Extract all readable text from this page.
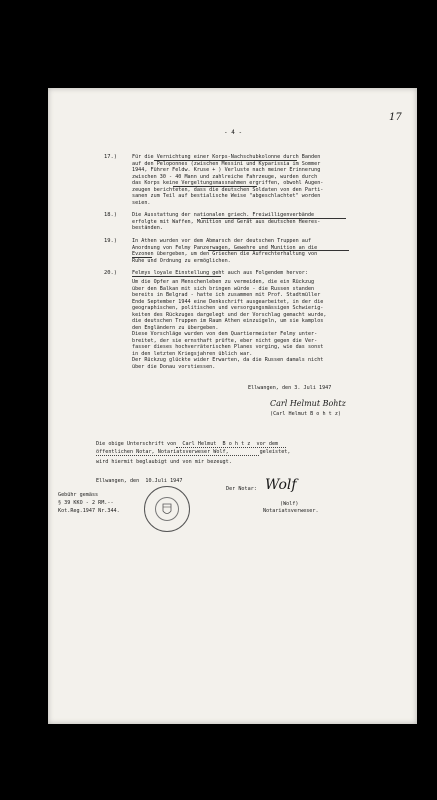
- 4 -
17
17.)	Für die Vernichtung einer Korps-Nachschubkolonne durch Banden
auf den Peloponnes (zwischen Messini und Kyparissia im Sommer
1944, Führer Feldw. Kruse + ) Verluste nach meiner Erinnerung
zwischen 30 - 40 Mann und zahlreiche Fahrzeuge, wurden durch
das Korps keine Vergeltungsmassnahmen ergriffen, obwohl Augen-
zeugen berichteten, dass die deutschen Soldaten von den Parti-
sanen zum Teil auf bestialische Weise "abgeschlachtet" worden
seien.
18.)	Die Ausstattung der nationalen griech. Freiwilligenverbände
erfolgte mit Waffen, Munition und Gerät aus deutschen Heeres-
beständen.
19.)	In Athen wurden vor dem Abmarsch der deutschen Truppen auf
Anordnung von Felmy Panzerwagen, Gewehre und Munition an die
Evzonen übergeben, um den Griechen die Aufrechterhaltung von
Ruhe und Ordnung zu ermöglichen.
20.)	Felmys loyale Einstellung geht auch aus Folgendem hervor:
Um die Opfer an Menschenleben zu vermeiden, die ein Rückzug
über den Balkan mit sich bringen würde - die Russen standen
bereits in Belgrad - hatte ich zusammen mit Prof. Stadtmüller
Ende September 1944 eine Denkschrift ausgearbeitet, in der die
geographischen, politischen und versorgungsmässigen Schwierig-
keiten des Rückzuges dargelegt und der Vorschlag gemacht wurde,
die deutschen Truppen im Raum Athen einzuigeln, um sie kamplos
den Engländern zu übergeben.
Diese Vorschläge wurden von dem Quartiermeister Felmy unter-
breitet, der sie ernsthaft prüfte, eber nicht gegen die Ver-
fasser dieses hochverräterischen Planes vorging, wie das sonst
in den letzten Kriegsjahren üblich war.
Der Rückzug glückte wider Erwarten, da die Russen damals nicht
über die Donau vorstiessen.
Ellwangen, den 3. Juli 1947
Carl Helmut Bohtz
(Carl Helmut B o h t z)
Die obige Unterschrift von  Carl Helmut  B o h t z  vor dem
öffentlichen Notar, Notariatsverweser Wolf,          geleistet,
wird hiermit beglaubigt und von mir bezeugt.
Ellwangen, den  10.Juli 1947
Der Notar: Wolf
(Wolf)
Notariatsverweser.
Gebühr gemäss
§ 39 KKO - 2 RM.--
Kot.Reg.1947 Nr.344.
